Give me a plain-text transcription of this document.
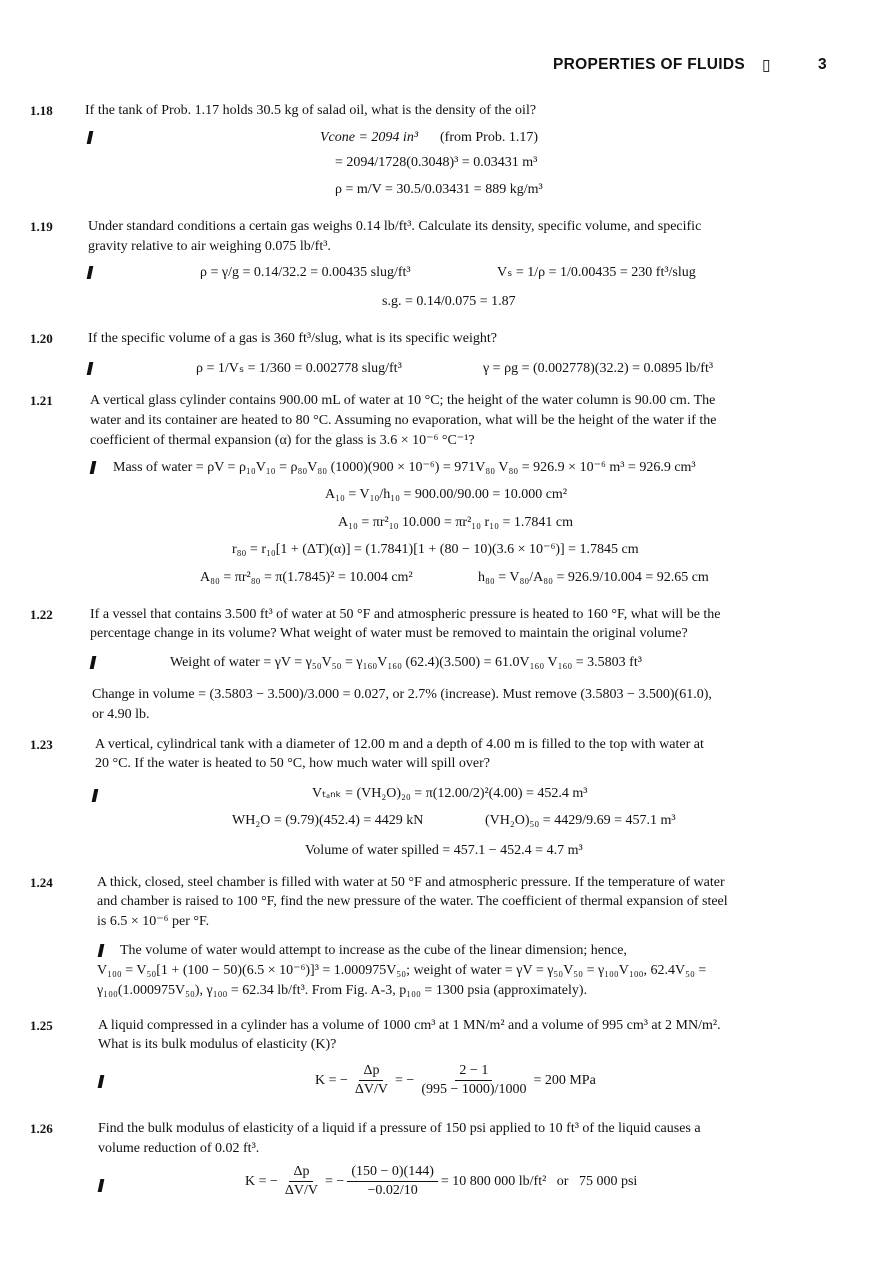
PROPERTIES OF FLUIDS ▯	3
1.18 If the tank of Prob. 1.17 holds 30.5 kg of salad oil, what is the density of the oil?
Vcone = 2094 in³ (from Prob. 1.17)
= 2094/1728(0.3048)³ = 0.03431 m³
ρ = m/V = 30.5/0.03431 = 889 kg/m³
1.19	Under standard conditions a certain gas weighs 0.14 lb/ft³. Calculate its density, specific volume, and specific
gravity relative to air weighing 0.075 lb/ft³.
ρ = γ/g = 0.14/32.2 = 0.00435 slug/ft³	Vₛ = 1/ρ = 1/0.00435 = 230 ft³/slug
s.g. = 0.14/0.075 = 1.87
1.20	If the specific volume of a gas is 360 ft³/slug, what is its specific weight?
ρ = 1/Vₛ = 1/360 = 0.002778 slug/ft³	γ = ρg = (0.002778)(32.2) = 0.0895 lb/ft³
1.21	A vertical glass cylinder contains 900.00 mL of water at 10 °C; the height of the water column is 90.00 cm. The
water and its container are heated to 80 °C. Assuming no evaporation, what will be the height of the water if the
coefficient of thermal expansion (α) for the glass is 3.6 × 10⁻⁶ °C⁻¹?
Mass of water = ρV = ρ₁₀V₁₀ = ρ₈₀V₈₀ (1000)(900 × 10⁻⁶) = 971V₈₀ V₈₀ = 926.9 × 10⁻⁶ m³ = 926.9 cm³
A₁₀ = V₁₀/h₁₀ = 900.00/90.00 = 10.000 cm²
A₁₀ = πr²₁₀ 10.000 = πr²₁₀ r₁₀ = 1.7841 cm
r₈₀ = r₁₀[1 + (ΔT)(α)] = (1.7841)[1 + (80 − 10)(3.6 × 10⁻⁶)] = 1.7845 cm
A₈₀ = πr²₈₀ = π(1.7845)² = 10.004 cm²	h₈₀ = V₈₀/A₈₀ = 926.9/10.004 = 92.65 cm
1.22	If a vessel that contains 3.500 ft³ of water at 50 °F and atmospheric pressure is heated to 160 °F, what will be the
percentage change in its volume? What weight of water must be removed to maintain the original volume?
Weight of water = γV = γ₅₀V₅₀ = γ₁₆₀V₁₆₀ (62.4)(3.500) = 61.0V₁₆₀ V₁₆₀ = 3.5803 ft³
Change in volume = (3.5803 − 3.500)/3.000 = 0.027, or 2.7% (increase). Must remove (3.5803 − 3.500)(61.0),
or 4.90 lb.
1.23	A vertical, cylindrical tank with a diameter of 12.00 m and a depth of 4.00 m is filled to the top with water at
20 °C. If the water is heated to 50 °C, how much water will spill over?
Vₜₐₙₖ = (VH₂O)₂₀ = π(12.00/2)²(4.00) = 452.4 m³
WH₂O = (9.79)(452.4) = 4429 kN	(VH₂O)₅₀ = 4429/9.69 = 457.1 m³
Volume of water spilled = 457.1 − 452.4 = 4.7 m³
1.24	A thick, closed, steel chamber is filled with water at 50 °F and atmospheric pressure. If the temperature of water
and chamber is raised to 100 °F, find the new pressure of the water. The coefficient of thermal expansion of steel
is 6.5 × 10⁻⁶ per °F.
The volume of water would attempt to increase as the cube of the linear dimension; hence,
V₁₀₀ = V₅₀[1 + (100 − 50)(6.5 × 10⁻⁶)]³ = 1.000975V₅₀; weight of water = γV = γ₅₀V₅₀ = γ₁₀₀V₁₀₀, 62.4V₅₀ =
γ₁₀₀(1.000975V₅₀), γ₁₀₀ = 62.34 lb/ft³. From Fig. A-3, p₁₀₀ = 1300 psia (approximately).
1.25	A liquid compressed in a cylinder has a volume of 1000 cm³ at 1 MN/m² and a volume of 995 cm³ at 2 MN/m².
What is its bulk modulus of elasticity (K)?
K = − $\frac{\Delta p}{\Delta V/V}$ = − $\frac{2 - 1}{(995 - 1000)/1000} = 200$ MPa
1.26	Find the bulk modulus of elasticity of a liquid if a pressure of 150 psi applied to 10 ft³ of the liquid causes a
volume reduction of 0.02 ft³.
K = − $\frac{\Delta p}{\Delta V/V}$ = − $\frac{(150 - 0)(144)}{-0.02/10} = 10$ 800 000 lb/ft²   or   75 000 psi
